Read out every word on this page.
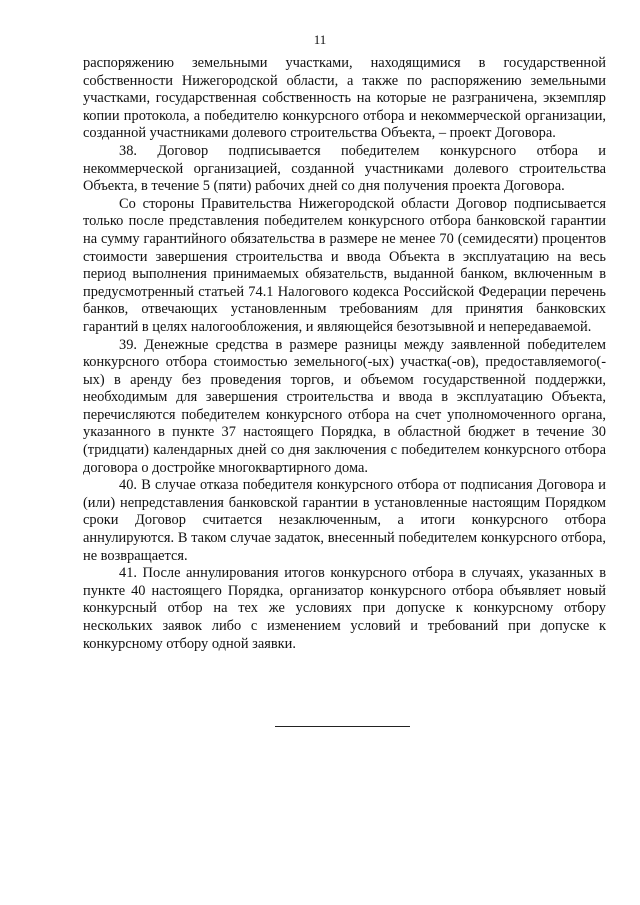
11

распоряжению земельными участками, находящимися в государственной собственности Нижегородской области, а также по распоряжению земельными участками, государственная собственность на которые не разграничена, экземпляр копии протокола, а победителю конкурсного отбора и некоммерческой организации, созданной участниками долевого строительства Объекта, – проект Договора.

38. Договор подписывается победителем конкурсного отбора и некоммерческой организацией, созданной участниками долевого строительства Объекта, в течение 5 (пяти) рабочих дней со дня получения проекта Договора.

Со стороны Правительства Нижегородской области Договор подписывается только после представления победителем конкурсного отбора банковской гарантии на сумму гарантийного обязательства в размере не менее 70 (семидесяти) процентов стоимости завершения строительства и ввода Объекта в эксплуатацию на весь период выполнения принимаемых обязательств, выданной банком, включенным в предусмотренный статьей 74.1 Налогового кодекса Российской Федерации перечень банков, отвечающих установленным требованиям для принятия банковских гарантий в целях налогообложения, и являющейся безотзывной и непередаваемой.

39. Денежные средства в размере разницы между заявленной победителем конкурсного отбора стоимостью земельного(-ых) участка(-ов), предоставляемого(-ых) в аренду без проведения торгов, и объемом государственной поддержки, необходимым для завершения строительства и ввода в эксплуатацию Объекта, перечисляются победителем конкурсного отбора на счет уполномоченного органа, указанного в пункте 37 настоящего Порядка, в областной бюджет в течение 30 (тридцати) календарных дней со дня заключения с победителем конкурсного отбора договора о достройке многоквартирного дома.

40. В случае отказа победителя конкурсного отбора от подписания Договора и (или) непредставления банковской гарантии в установленные настоящим Порядком сроки Договор считается незаключенным, а итоги конкурсного отбора аннулируются. В таком случае задаток, внесенный победителем конкурсного отбора, не возвращается.

41. После аннулирования итогов конкурсного отбора в случаях, указанных в пункте 40 настоящего Порядка, организатор конкурсного отбора объявляет новый конкурсный отбор на тех же условиях при допуске к конкурсному отбору нескольких заявок либо с изменением условий и требований при допуске к конкурсному отбору одной заявки.
